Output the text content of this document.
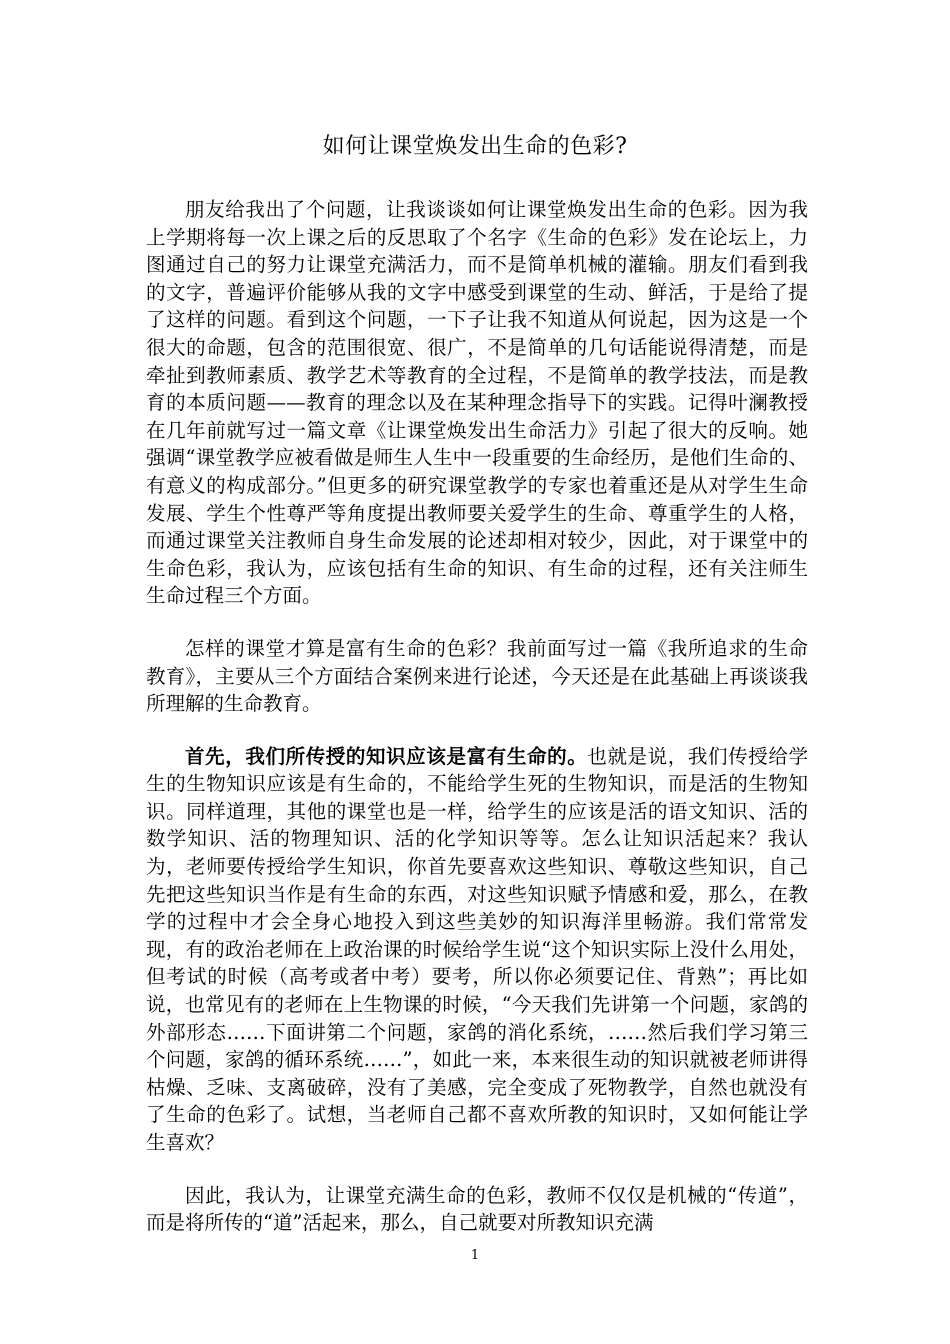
如何让课堂焕发出生命的色彩?

朋友给我出了个问题，让我谈谈如何让课堂焕发出生命的色彩。因为我上学期将每一次上课之后的反思取了个名字《生命的色彩》发在论坛上，力图通过自己的努力让课堂充满活力，而不是简单机械的灌输。朋友们看到我的文字，普遍评价能够从我的文字中感受到课堂的生动、鲜活，于是给了提了这样的问题。看到这个问题，一下子让我不知道从何说起，因为这是一个很大的命题，包含的范围很宽、很广，不是简单的几句话能说得清楚，而是牵扯到教师素质、教学艺术等教育的全过程，不是简单的教学技法，而是教育的本质问题——教育的理念以及在某种理念指导下的实践。记得叶澜教授在几年前就写过一篇文章《让课堂焕发出生命活力》引起了很大的反响。她强调“课堂教学应被看做是师生人生中一段重要的生命经历，是他们生命的、有意义的构成部分。”但更多的研究课堂教学的专家也着重还是从对学生生命发展、学生个性尊严等角度提出教师要关爱学生的生命、尊重学生的人格，而通过课堂关注教师自身生命发展的论述却相对较少，因此，对于课堂中的生命色彩，我认为，应该包括有生命的知识、有生命的过程，还有关注师生生命过程三个方面。

怎样的课堂才算是富有生命的色彩？我前面写过一篇《我所追求的生命教育》，主要从三个方面结合案例来进行论述，今天还是在此基础上再谈谈我所理解的生命教育。

首先，我们所传授的知识应该是富有生命的。也就是说，我们传授给学生的生物知识应该是有生命的，不能给学生死的生物知识，而是活的生物知识。同样道理，其他的课堂也是一样，给学生的应该是活的语文知识、活的数学知识、活的物理知识、活的化学知识等等。怎么让知识活起来？我认为，老师要传授给学生知识，你首先要喜欢这些知识、尊敬这些知识，自己先把这些知识当作是有生命的东西，对这些知识赋予情感和爱，那么，在教学的过程中才会全身心地投入到这些美妙的知识海洋里畅游。我们常常发现，有的政治老师在上政治课的时候给学生说“这个知识实际上没什么用处，但考试的时候（高考或者中考）要考，所以你必须要记住、背熟”；再比如说，也常见有的老师在上生物课的时候，“今天我们先讲第一个问题，家鸽的外部形态……下面讲第二个问题，家鸽的消化系统，……然后我们学习第三个问题，家鸽的循环系统……”，如此一来，本来很生动的知识就被老师讲得枯燥、乏味、支离破碎，没有了美感，完全变成了死物教学，自然也就没有了生命的色彩了。试想，当老师自己都不喜欢所教的知识时，又如何能让学生喜欢？

因此，我认为，让课堂充满生命的色彩，教师不仅仅是机械的“传道”，而是将所传的“道”活起来，那么，自己就要对所教知识充满

1
